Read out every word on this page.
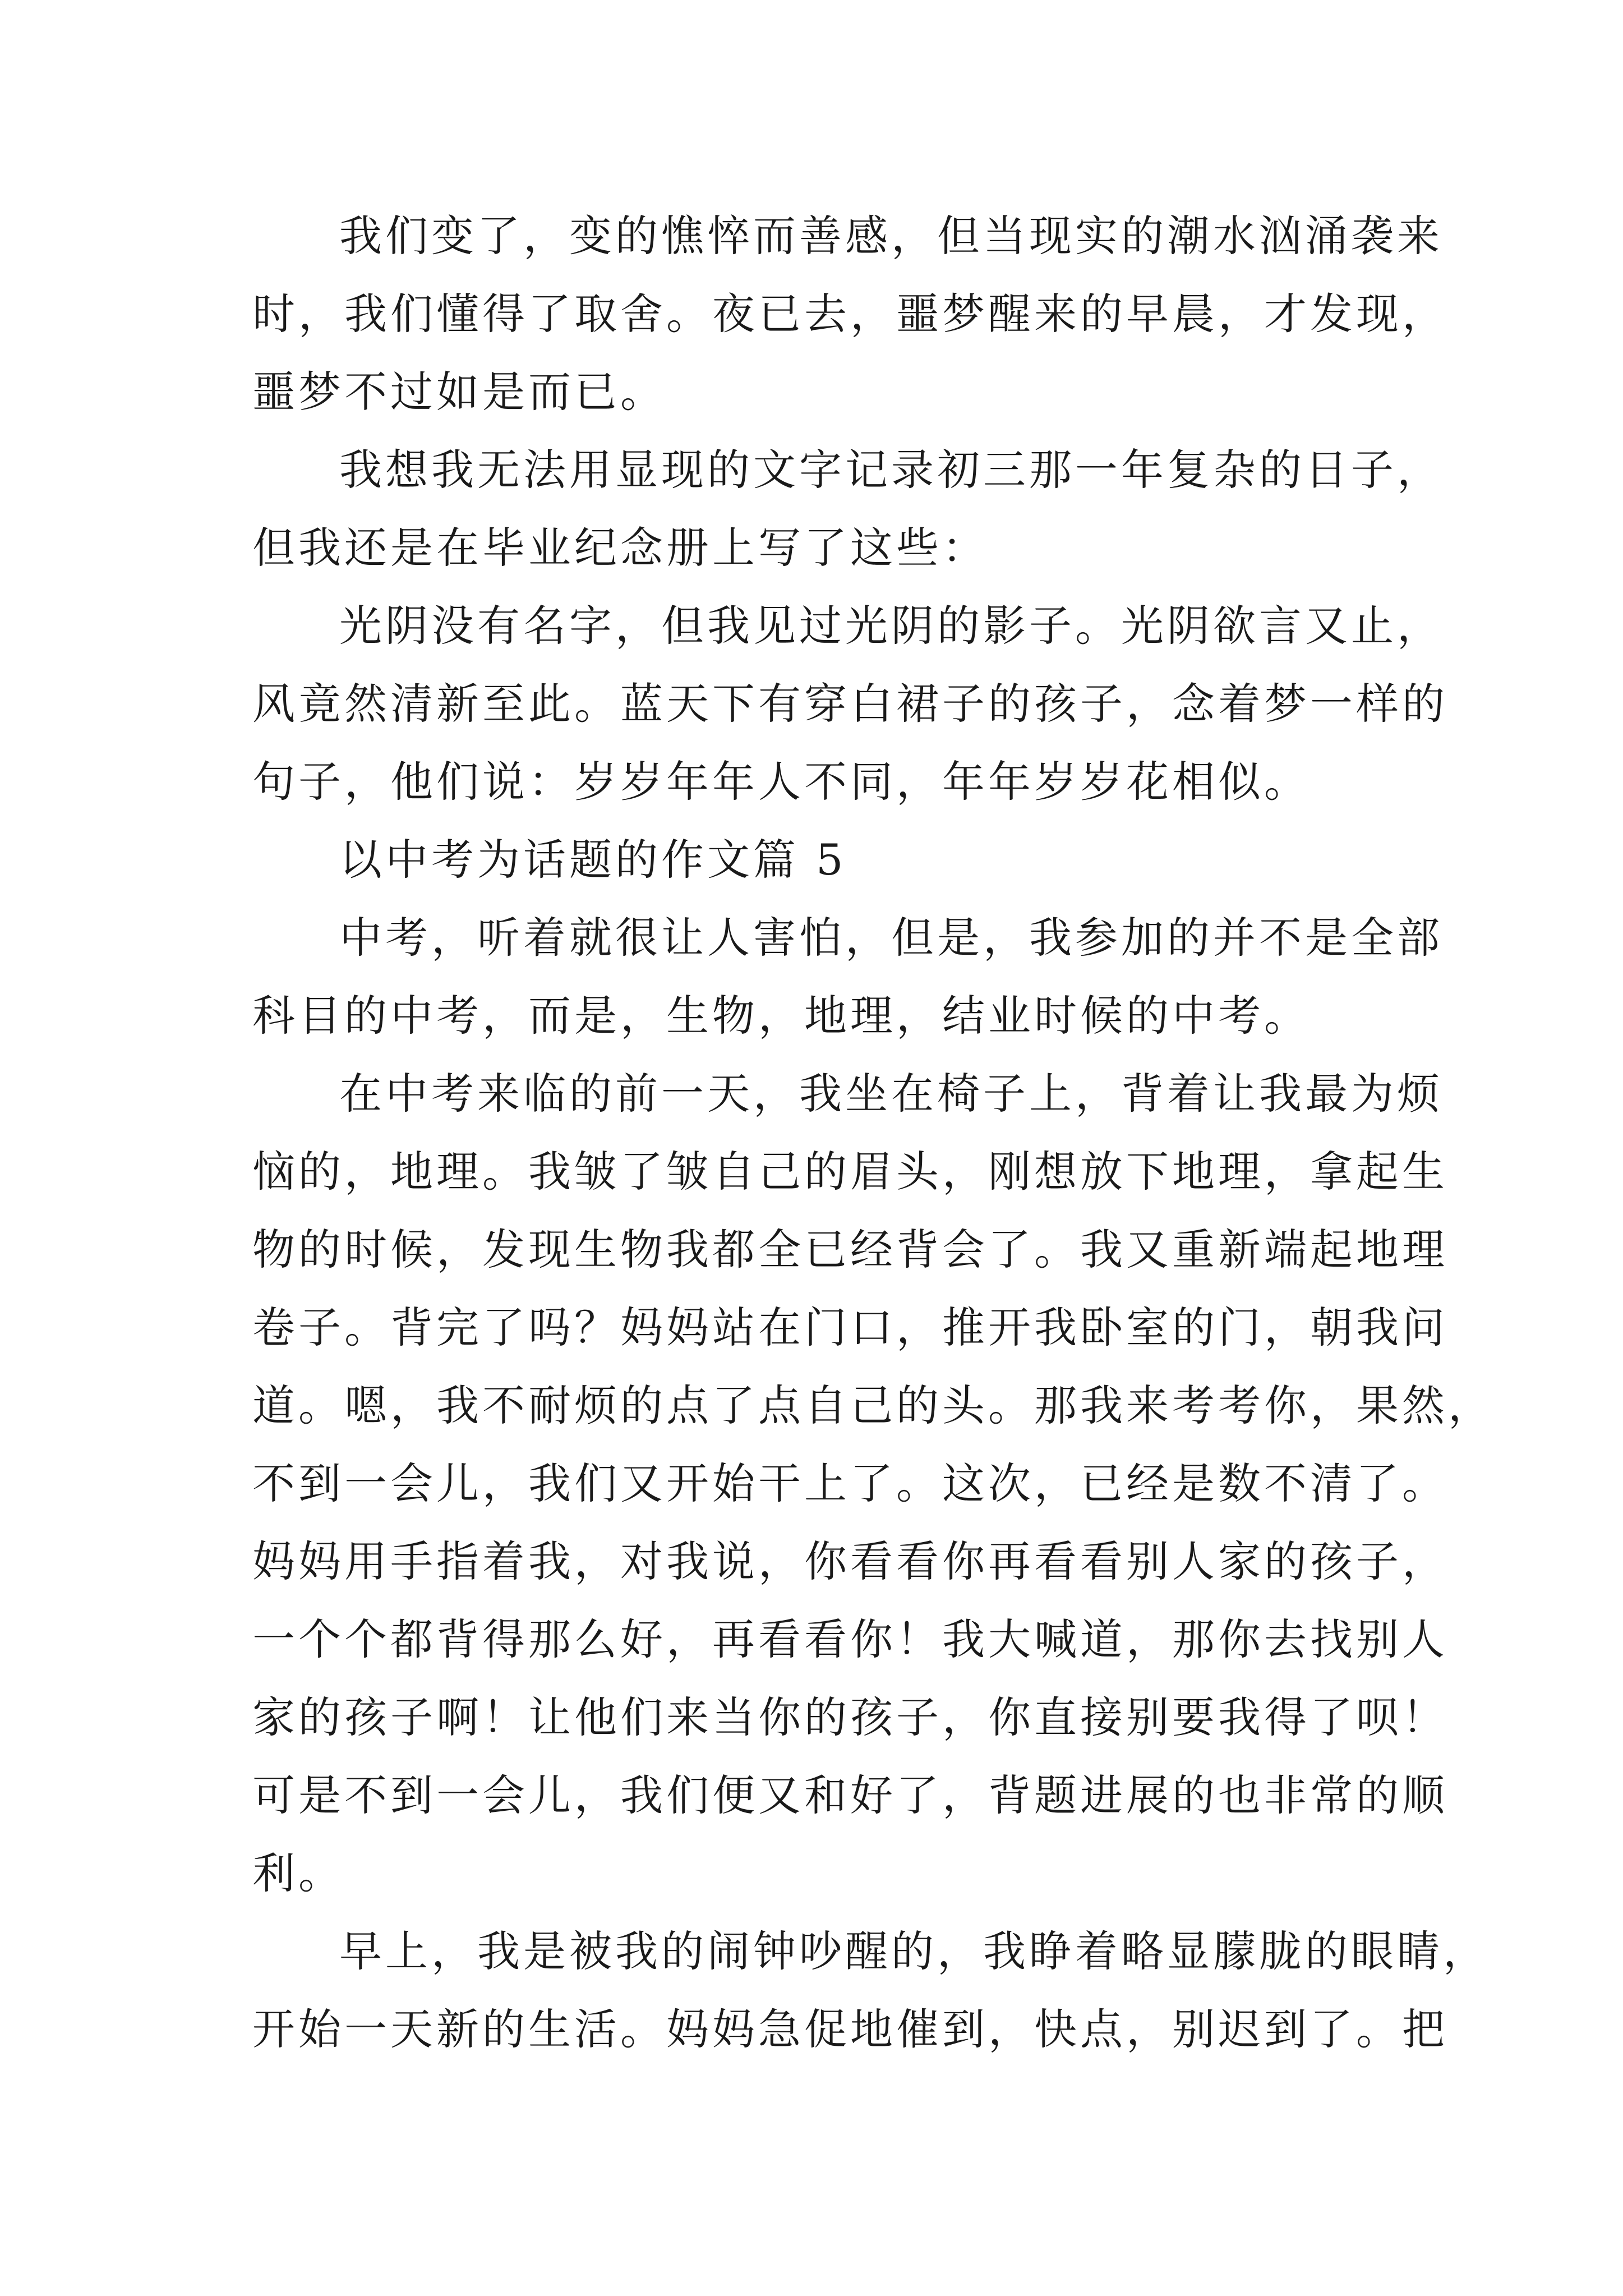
我们变了，变的憔悴而善感，但当现实的潮水汹涌袭来
时，我们懂得了取舍。夜已去，噩梦醒来的早晨，才发现，
噩梦不过如是而已。
我想我无法用显现的文字记录初三那一年复杂的日子，
但我还是在毕业纪念册上写了这些：
光阴没有名字，但我见过光阴的影子。光阴欲言又止，
风竟然清新至此。蓝天下有穿白裙子的孩子，念着梦一样的
句子，他们说：岁岁年年人不同，年年岁岁花相似。
以中考为话题的作文篇 5
中考，听着就很让人害怕，但是，我参加的并不是全部
科目的中考，而是，生物，地理，结业时候的中考。
在中考来临的前一天，我坐在椅子上，背着让我最为烦
恼的，地理。我皱了皱自己的眉头，刚想放下地理，拿起生
物的时候，发现生物我都全已经背会了。我又重新端起地理
卷子。背完了吗？妈妈站在门口，推开我卧室的门，朝我问
道。嗯，我不耐烦的点了点自己的头。那我来考考你，果然，
不到一会儿，我们又开始干上了。这次，已经是数不清了。
妈妈用手指着我，对我说，你看看你再看看别人家的孩子，
一个个都背得那么好，再看看你！我大喊道，那你去找别人
家的孩子啊！让他们来当你的孩子，你直接别要我得了呗！
可是不到一会儿，我们便又和好了，背题进展的也非常的顺
利。
早上，我是被我的闹钟吵醒的，我睁着略显朦胧的眼睛，
开始一天新的生活。妈妈急促地催到，快点，别迟到了。把
